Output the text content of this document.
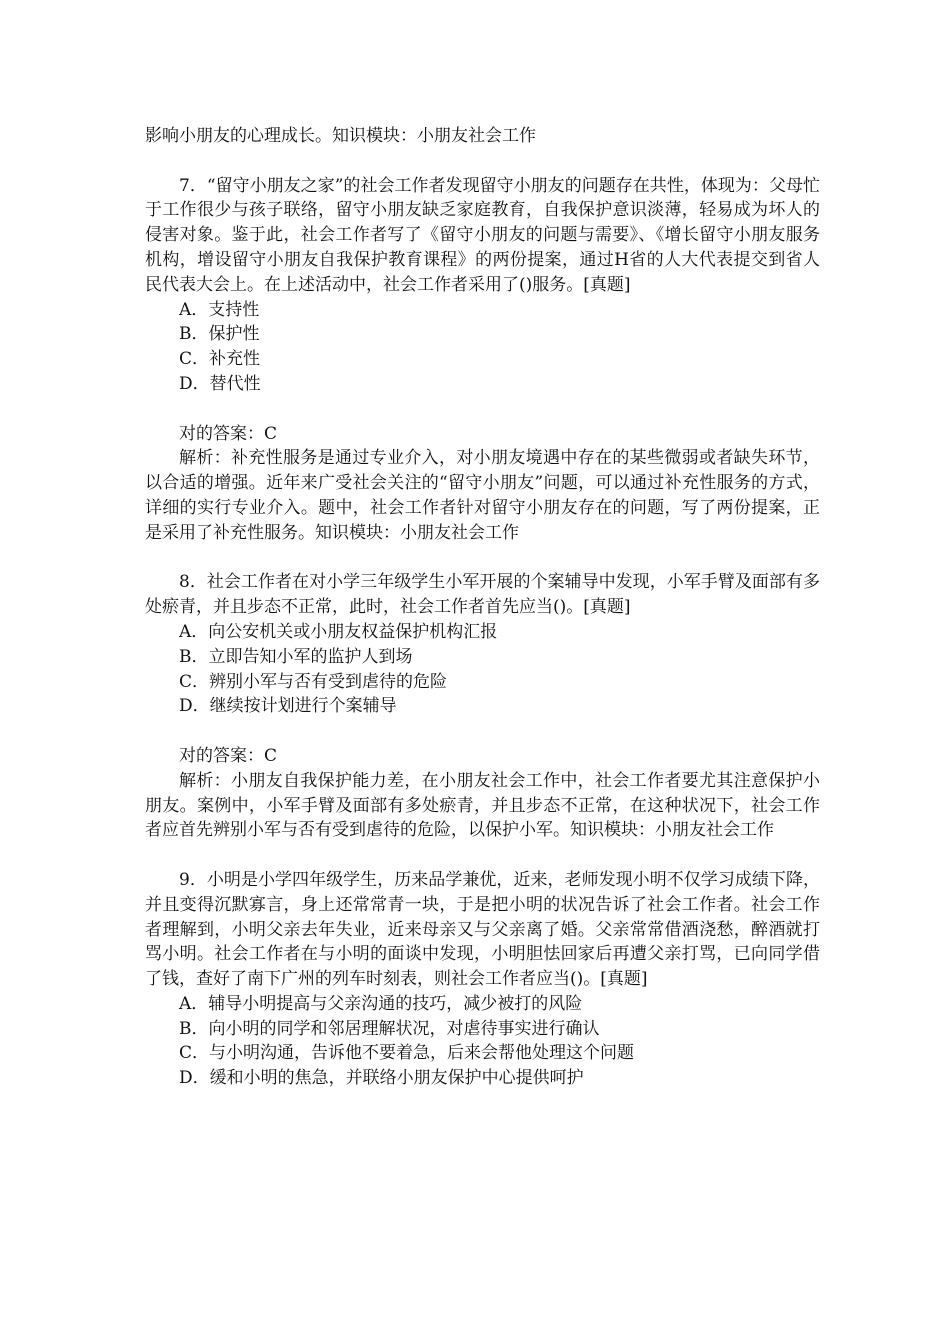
影响小朋友的心理成长。知识模块：小朋友社会工作

7．“留守小朋友之家”的社会工作者发现留守小朋友的问题存在共性，体现为：父母忙于工作很少与孩子联络，留守小朋友缺乏家庭教育，自我保护意识淡薄，轻易成为坏人的侵害对象。鉴于此，社会工作者写了《留守小朋友的问题与需要》、《增长留守小朋友服务机构，增设留守小朋友自我保护教育课程》的两份提案，通过H省的人大代表提交到省人民代表大会上。在上述活动中，社会工作者采用了()服务。[真题]

A．支持性

B．保护性

C．补充性

D．替代性

对的答案：C

解析：补充性服务是通过专业介入，对小朋友境遇中存在的某些微弱或者缺失环节，以合适的增强。近年来广受社会关注的“留守小朋友”问题，可以通过补充性服务的方式，详细的实行专业介入。题中，社会工作者针对留守小朋友存在的问题，写了两份提案，正是采用了补充性服务。知识模块：小朋友社会工作

8．社会工作者在对小学三年级学生小军开展的个案辅导中发现，小军手臂及面部有多处瘀青，并且步态不正常，此时，社会工作者首先应当()。[真题]

A．向公安机关或小朋友权益保护机构汇报

B．立即告知小军的监护人到场

C．辨别小军与否有受到虐待的危险

D．继续按计划进行个案辅导

对的答案：C

解析：小朋友自我保护能力差，在小朋友社会工作中，社会工作者要尤其注意保护小朋友。案例中，小军手臂及面部有多处瘀青，并且步态不正常，在这种状况下，社会工作者应首先辨别小军与否有受到虐待的危险，以保护小军。知识模块：小朋友社会工作

9．小明是小学四年级学生，历来品学兼优，近来，老师发现小明不仅学习成绩下降，并且变得沉默寡言，身上还常常青一块，于是把小明的状况告诉了社会工作者。社会工作者理解到，小明父亲去年失业，近来母亲又与父亲离了婚。父亲常常借酒浇愁，醉酒就打骂小明。社会工作者在与小明的面谈中发现，小明胆怯回家后再遭父亲打骂，已向同学借了钱，查好了南下广州的列车时刻表，则社会工作者应当()。[真题]

A．辅导小明提高与父亲沟通的技巧，减少被打的风险

B．向小明的同学和邻居理解状况，对虐待事实进行确认

C．与小明沟通，告诉他不要着急，后来会帮他处理这个问题

D．缓和小明的焦急，并联络小朋友保护中心提供呵护
